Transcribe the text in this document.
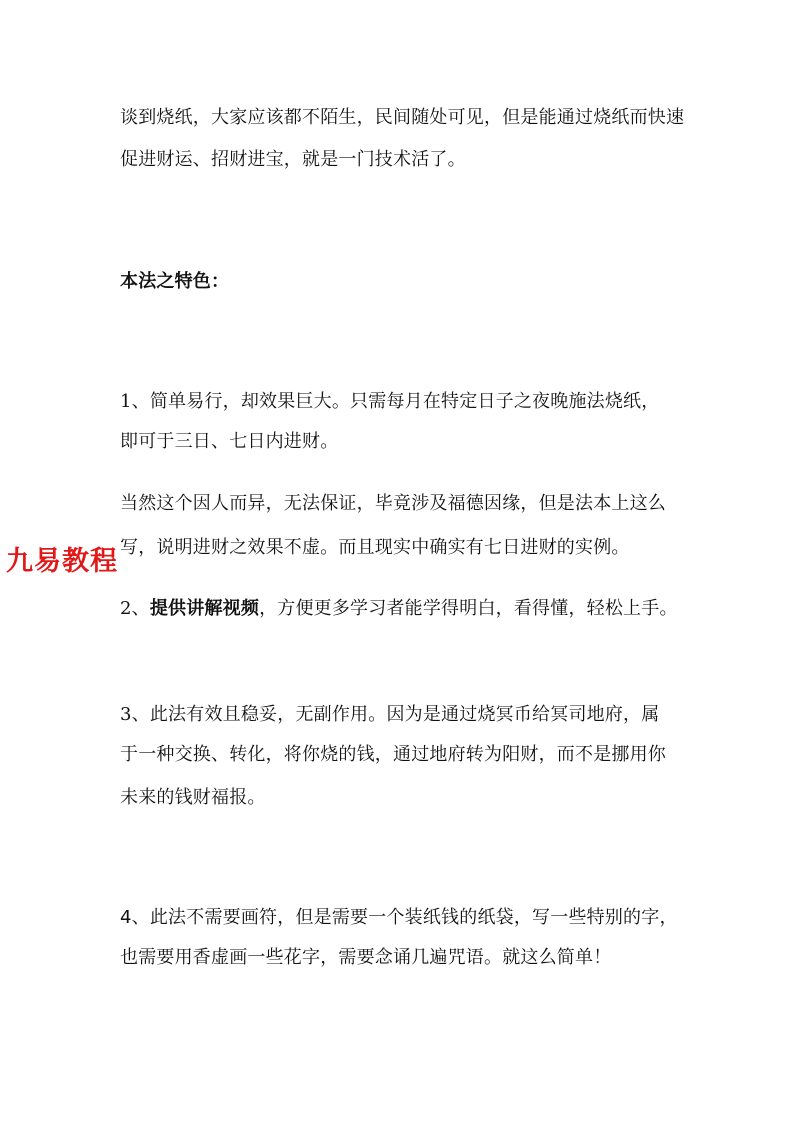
谈到烧纸，大家应该都不陌生，民间随处可见，但是能通过烧纸而快速
促进财运、招财进宝，就是一门技术活了。
本法之特色：
1、简单易行，却效果巨大。只需每月在特定日子之夜晚施法烧纸，
即可于三日、七日内进财。
当然这个因人而异，无法保证，毕竟涉及福德因缘，但是法本上这么
写，说明进财之效果不虚。而且现实中确实有七日进财的实例。
2、提供讲解视频，方便更多学习者能学得明白，看得懂，轻松上手。
3、此法有效且稳妥，无副作用。因为是通过烧冥币给冥司地府，属
于一种交换、转化，将你烧的钱，通过地府转为阳财，而不是挪用你
未来的钱财福报。
4、此法不需要画符，但是需要一个装纸钱的纸袋，写一些特别的字，
也需要用香虚画一些花字，需要念诵几遍咒语。就这么简单！
九易教程
